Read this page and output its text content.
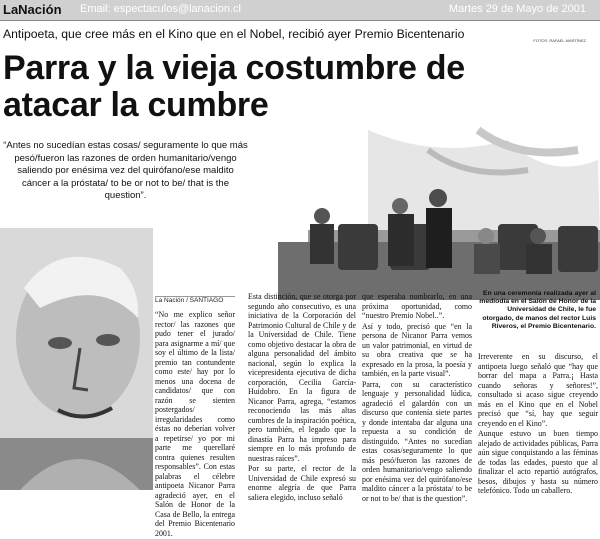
LaNación Email: espectaculos@lanacion.cl	Martes 29 de Mayo de 2001
FOTOS: RAFAEL MARTÍNEZ
Antipoeta, que cree más en el Kino que en el Nobel, recibió ayer Premio Bicentenario
Parra y la vieja costumbre de atacar la cumbre
“Antes no sucedían estas cosas/ seguramente lo que más pesó/fueron las razones de orden humanitario/vengo saliendo por enésima vez del quirófano/ese maldito cáncer a la próstata/ to be or not to be/ that is the question”.
La Nación / SANTIAGO

“No me explico señor rector/ las razones que pudo tener el jurado/ para asignarme a mí/ que soy el último de la lista/ premio tan contundente como este/ hay por lo menos una docena de candidatos/ que con razón se sienten postergados/ irregularidades como éstas no deberían volver a repetirse/ yo por mi parte me querellaré contra quienes resulten responsables”. Con estas palabras el célebre antipoeta Nicanor Parra agradeció ayer, en el Salón de Honor de la Casa de Bello, la entrega del Premio Bicentenario 2001.

Esta distinción, que se otorga por segundo año consecutivo, es una iniciativa de la Corporación del Patrimonio Cultural de Chile y de la Universidad de Chile. Tiene como objetivo destacar la obra de alguna personalidad del ámbito nacional, según lo explica la vicepresidenta ejecutiva de dicha corporación, Cecilia García-Huidobro. En la figura de Nicanor Parra, agrega, “estamos reconociendo las más altas cumbres de la inspiración poética, pero también, el legado que la dinastía Parra ha impreso para siempre en lo más profundo de nuestras raíces”.

Por su parte, el rector de la Universidad de Chile expresó su enorme alegría de que Parra saliera elegido, incluso señaló

que esperaba nombrarlo, en una próxima oportunidad, como “nuestro Premio Nobel..”.

Así y todo, precisó que “en la persona de Nicanor Parra vemos un valor patrimonial, en virtud de su obra creativa que se ha expresado en la prosa, la poesía y también, en la parte visual”.

Parra, con su característico lenguaje y personalidad lúdica, agradeció el galardón con un discurso que contenía siete partes y donde intentaba dar alguna una repuesta a su condición de distinguido. “Antes no sucedían estas cosas/seguramente lo que más pesó/fueron las razones de orden humanitario/vengo saliendo por enésima vez del quirófano/ese maldito cáncer a la próstata/ to be or not to be/ that is the question”.

En una ceremonia realizada ayer al mediodía en el Salón de Honor de la Universidad de Chile, le fue otorgado, de manos del rector Luis Riveros, el Premio Bicentenario.

Irreverente en su discurso, el antipoeta luego señaló que “hay que borrar del mapa a Parra.¡ Hasta cuando señoras y señores!”, consultado si acaso sigue creyendo más en el Kino que en el Nobel precisó que “sí, hay que seguir creyendo en el Kino”.

Aunque estuvo un buen tiempo alejado de actividades públicas, Parra aún sigue conquistando a las féminas de todas las edades, puesto que al finalizar el acto repartió autógrafos, besos, dibujos y hasta su número telefónico. Todo un caballero.
